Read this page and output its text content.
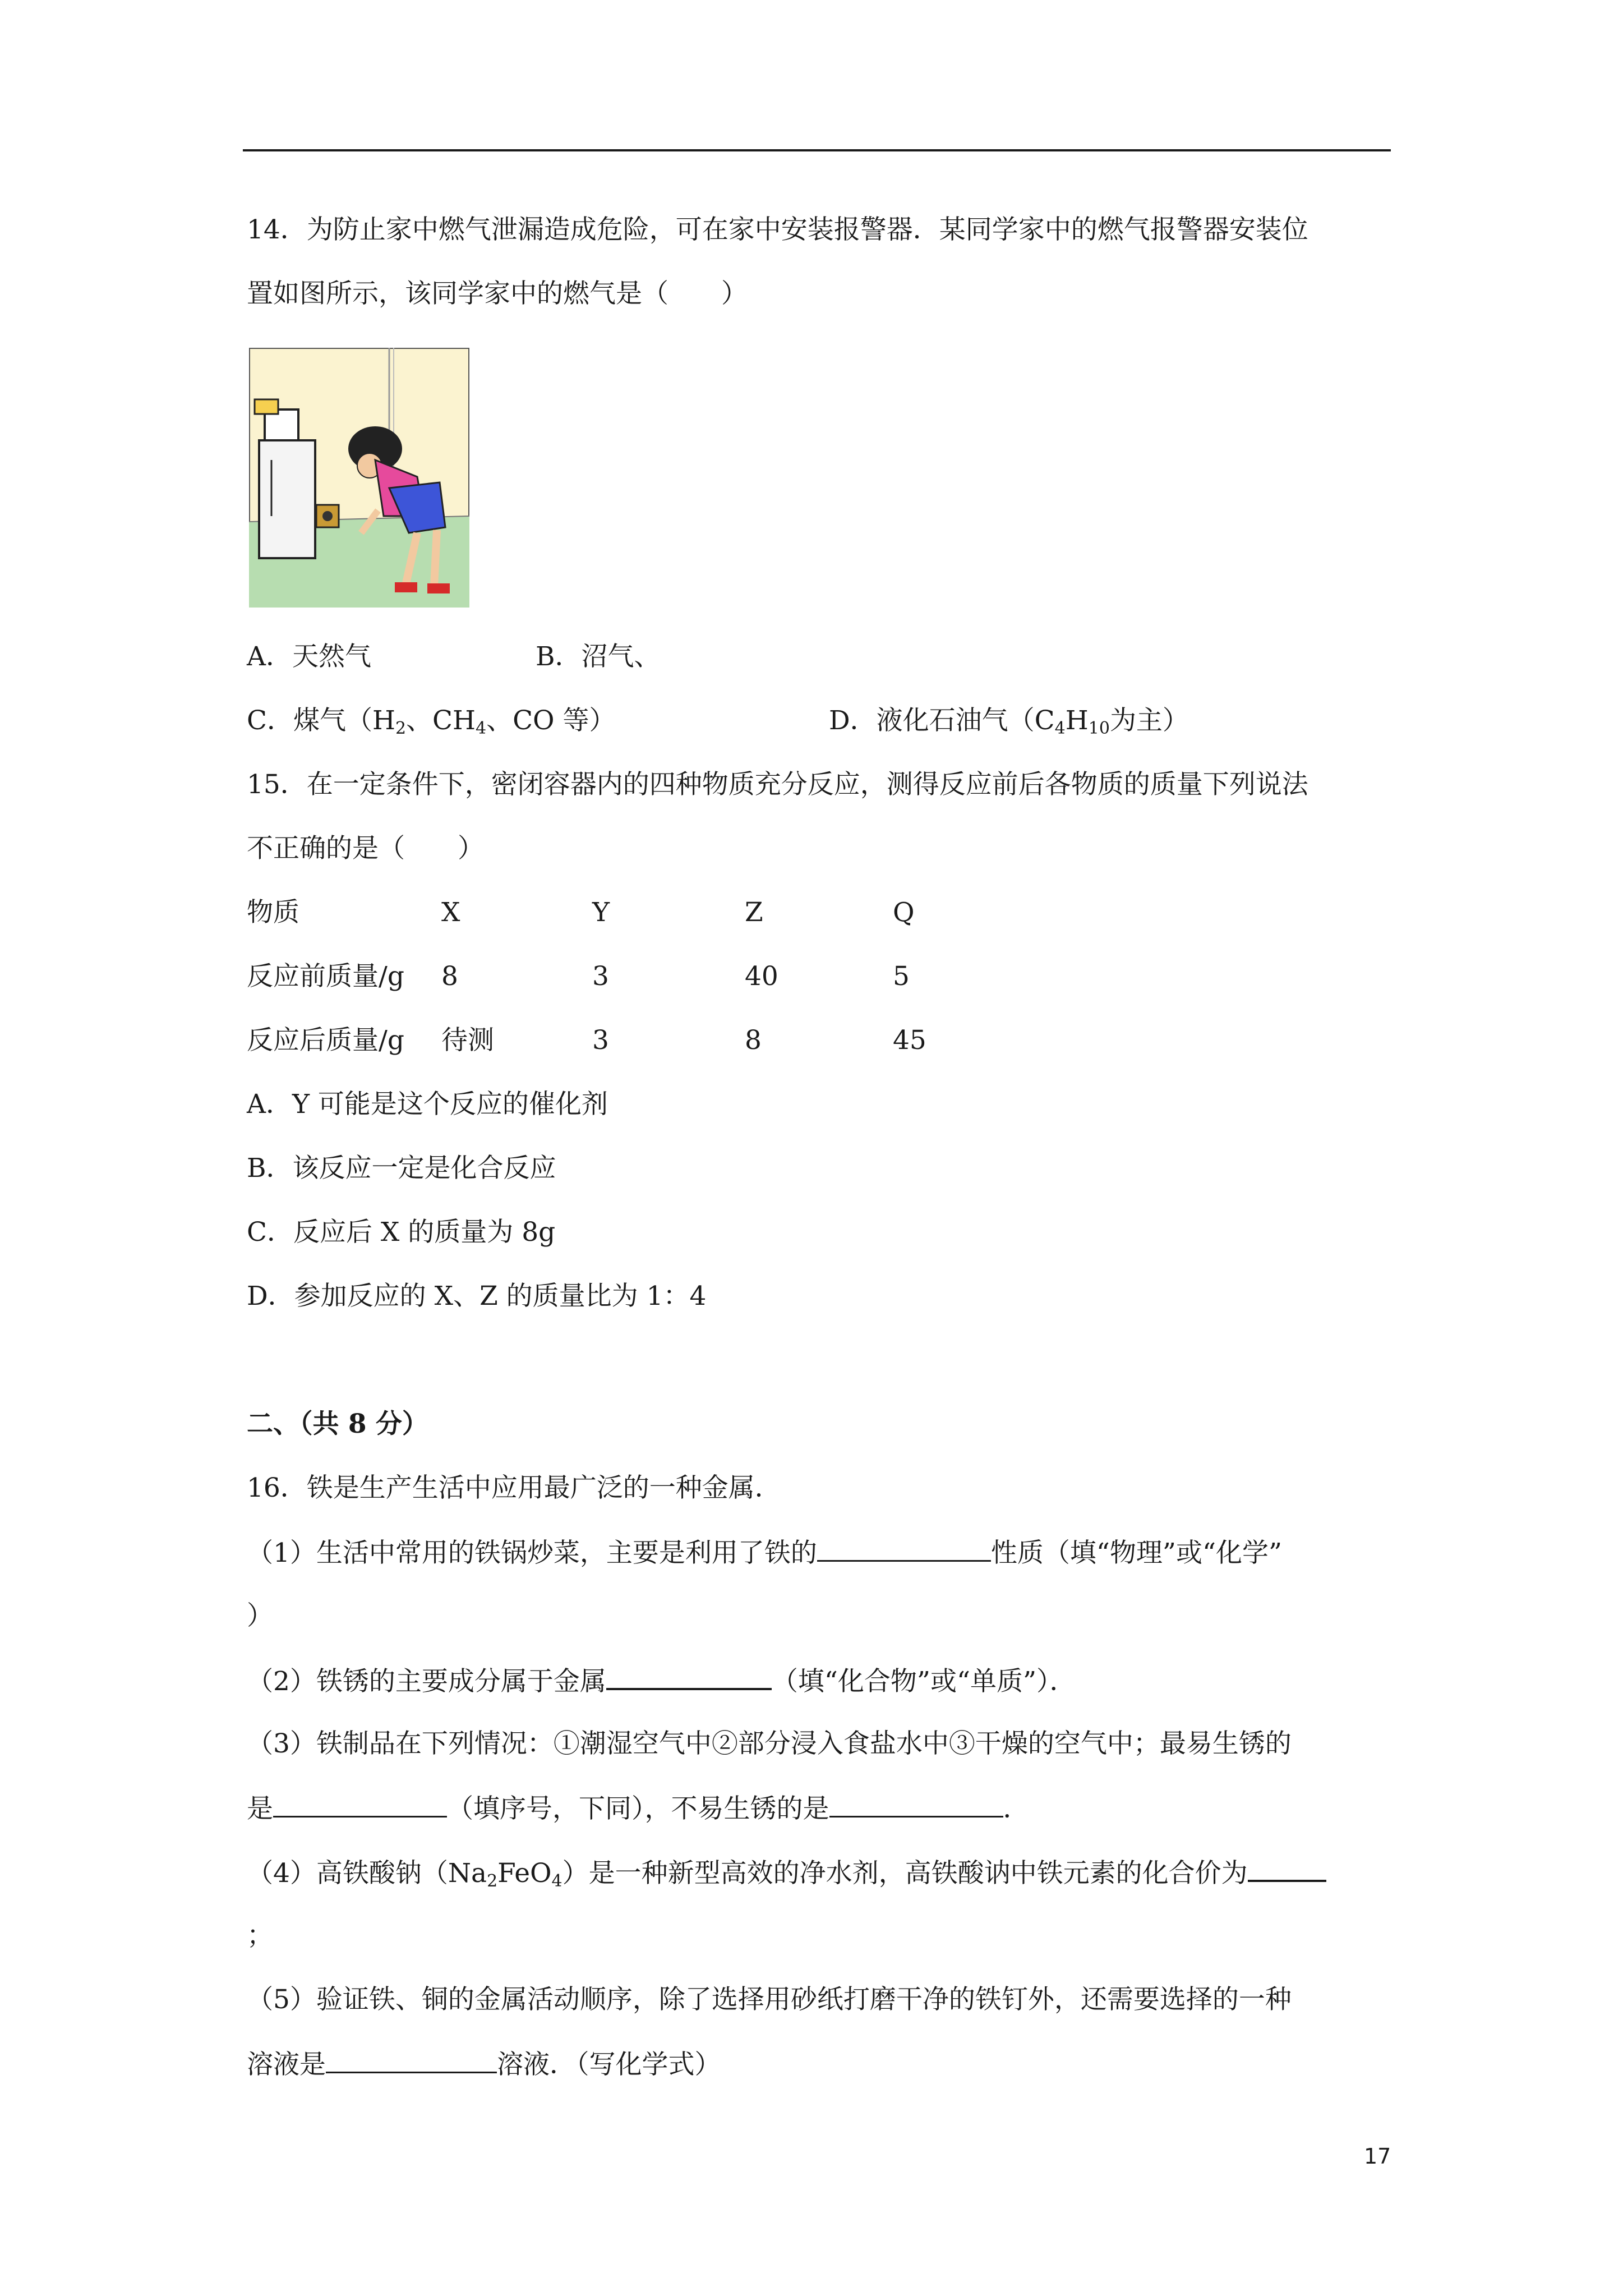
14．为防止家中燃气泄漏造成危险，可在家中安装报警器．某同学家中的燃气报警器安装位
置如图所示，该同学家中的燃气是（　　）
A．天然气	B．沼气、
C．煤气（$H_2$、$CH_4$、CO 等）	D．液化石油气（$C_4H_{10}$为主）
15．在一定条件下，密闭容器内的四种物质充分反应，测得反应前后各物质的质量下列说法
不正确的是（　　）
物质	X	Y	Z	Q
反应前质量/g 8	3	40	5
反应后质量/g 待测	3	8	45
A．Y 可能是这个反应的催化剂
B．该反应一定是化合反应
C．反应后 X 的质量为 8g
D．参加反应的 X、Z 的质量比为 1：4
二、（共 8 分）
16．铁是生产生活中应用最广泛的一种金属．
（1）生活中常用的铁锅炒菜，主要是利用了铁的	性质（填“物理”或“化学”
）
（2）铁锈的主要成分属于金属	（填“化合物”或“单质”）．
（3）铁制品在下列情况：①潮湿空气中②部分浸入食盐水中③干燥的空气中；最易生锈的
是	（填序号，下同），不易生锈的是	．
（4）高铁酸钠$(Na_2FeO_4)$是一种新型高效的净水剂，高铁酸讷中铁元素的化合价为
；
（5）验证铁、铜的金属活动顺序，除了选择用砂纸打磨干净的铁钉外，还需要选择的一种
溶液是	溶液．（写化学式）
17
